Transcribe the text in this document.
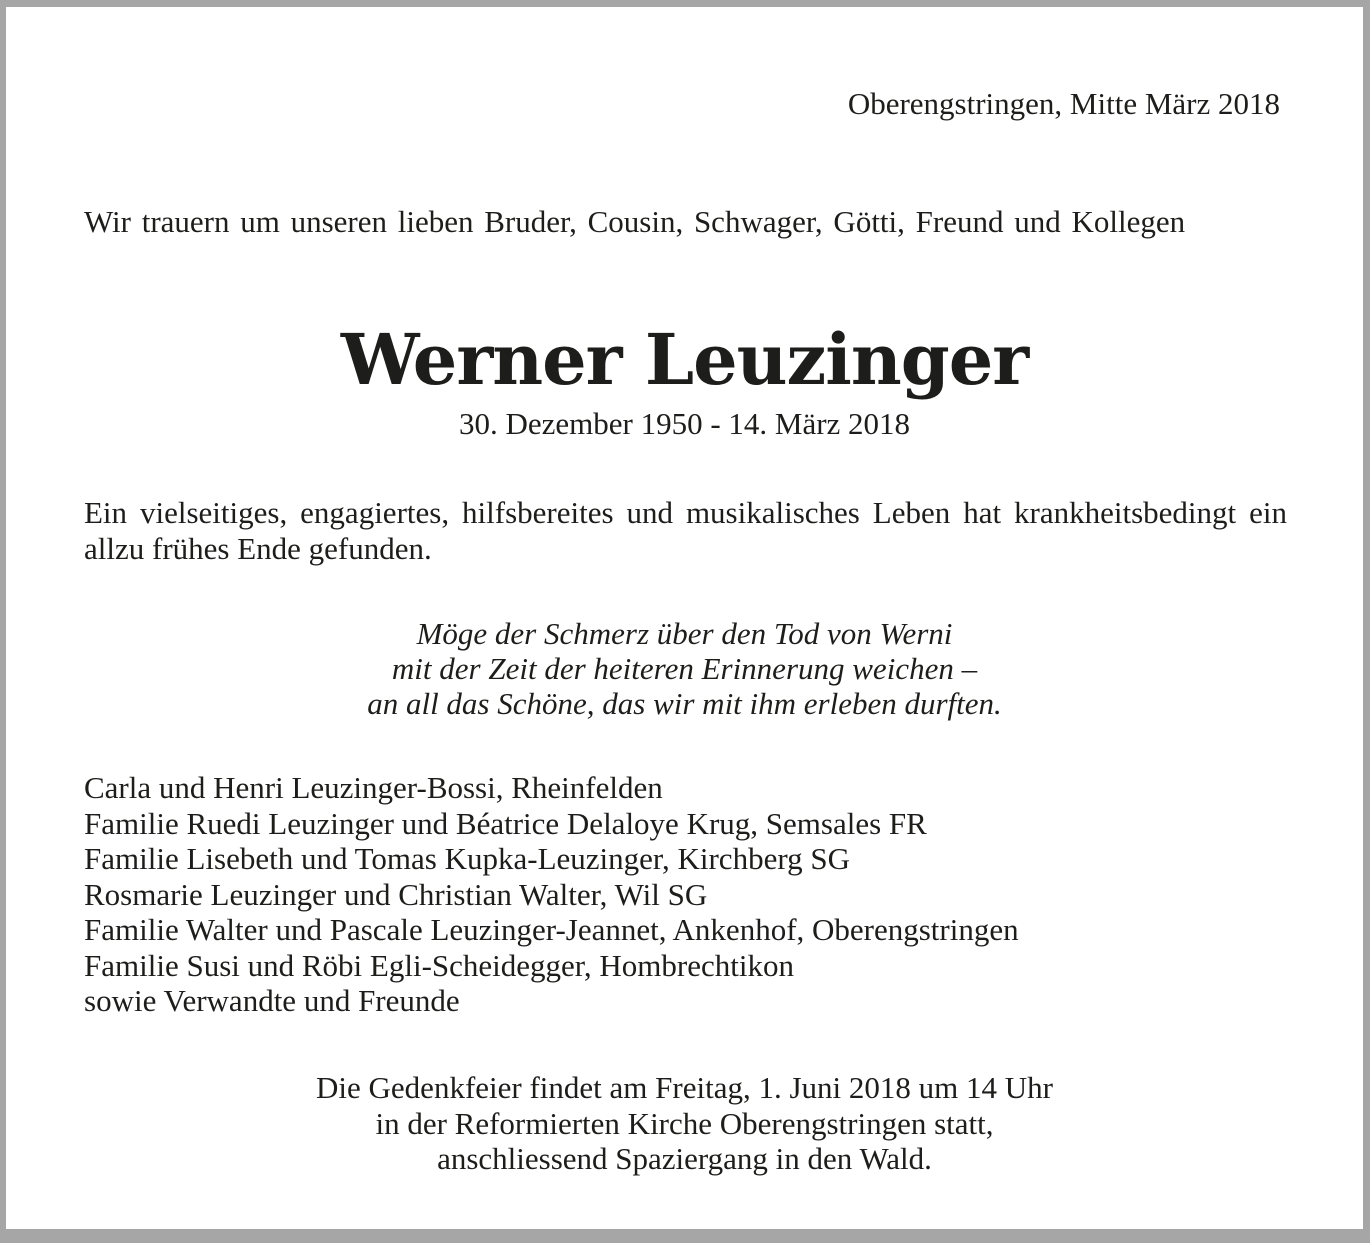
Oberengstringen, Mitte März 2018
Wir trauern um unseren lieben Bruder, Cousin, Schwager, Götti, Freund und Kollegen
Werner Leuzinger
30. Dezember 1950 - 14. März 2018
Ein vielseitiges, engagiertes, hilfsbereites und musikalisches Leben hat krankheitsbedingt ein allzu frühes Ende gefunden.
Möge der Schmerz über den Tod von Werni
mit der Zeit der heiteren Erinnerung weichen –
an all das Schöne, das wir mit ihm erleben durften.
Carla und Henri Leuzinger-Bossi, Rheinfelden
Familie Ruedi Leuzinger und Béatrice Delaloye Krug, Semsales FR
Familie Lisebeth und Tomas Kupka-Leuzinger, Kirchberg SG
Rosmarie Leuzinger und Christian Walter, Wil SG
Familie Walter und Pascale Leuzinger-Jeannet, Ankenhof, Oberengstringen
Familie Susi und Röbi Egli-Scheidegger, Hombrechtikon
sowie Verwandte und Freunde
Die Gedenkfeier findet am Freitag, 1. Juni 2018 um 14 Uhr
in der Reformierten Kirche Oberengstringen statt,
anschliessend Spaziergang in den Wald.
